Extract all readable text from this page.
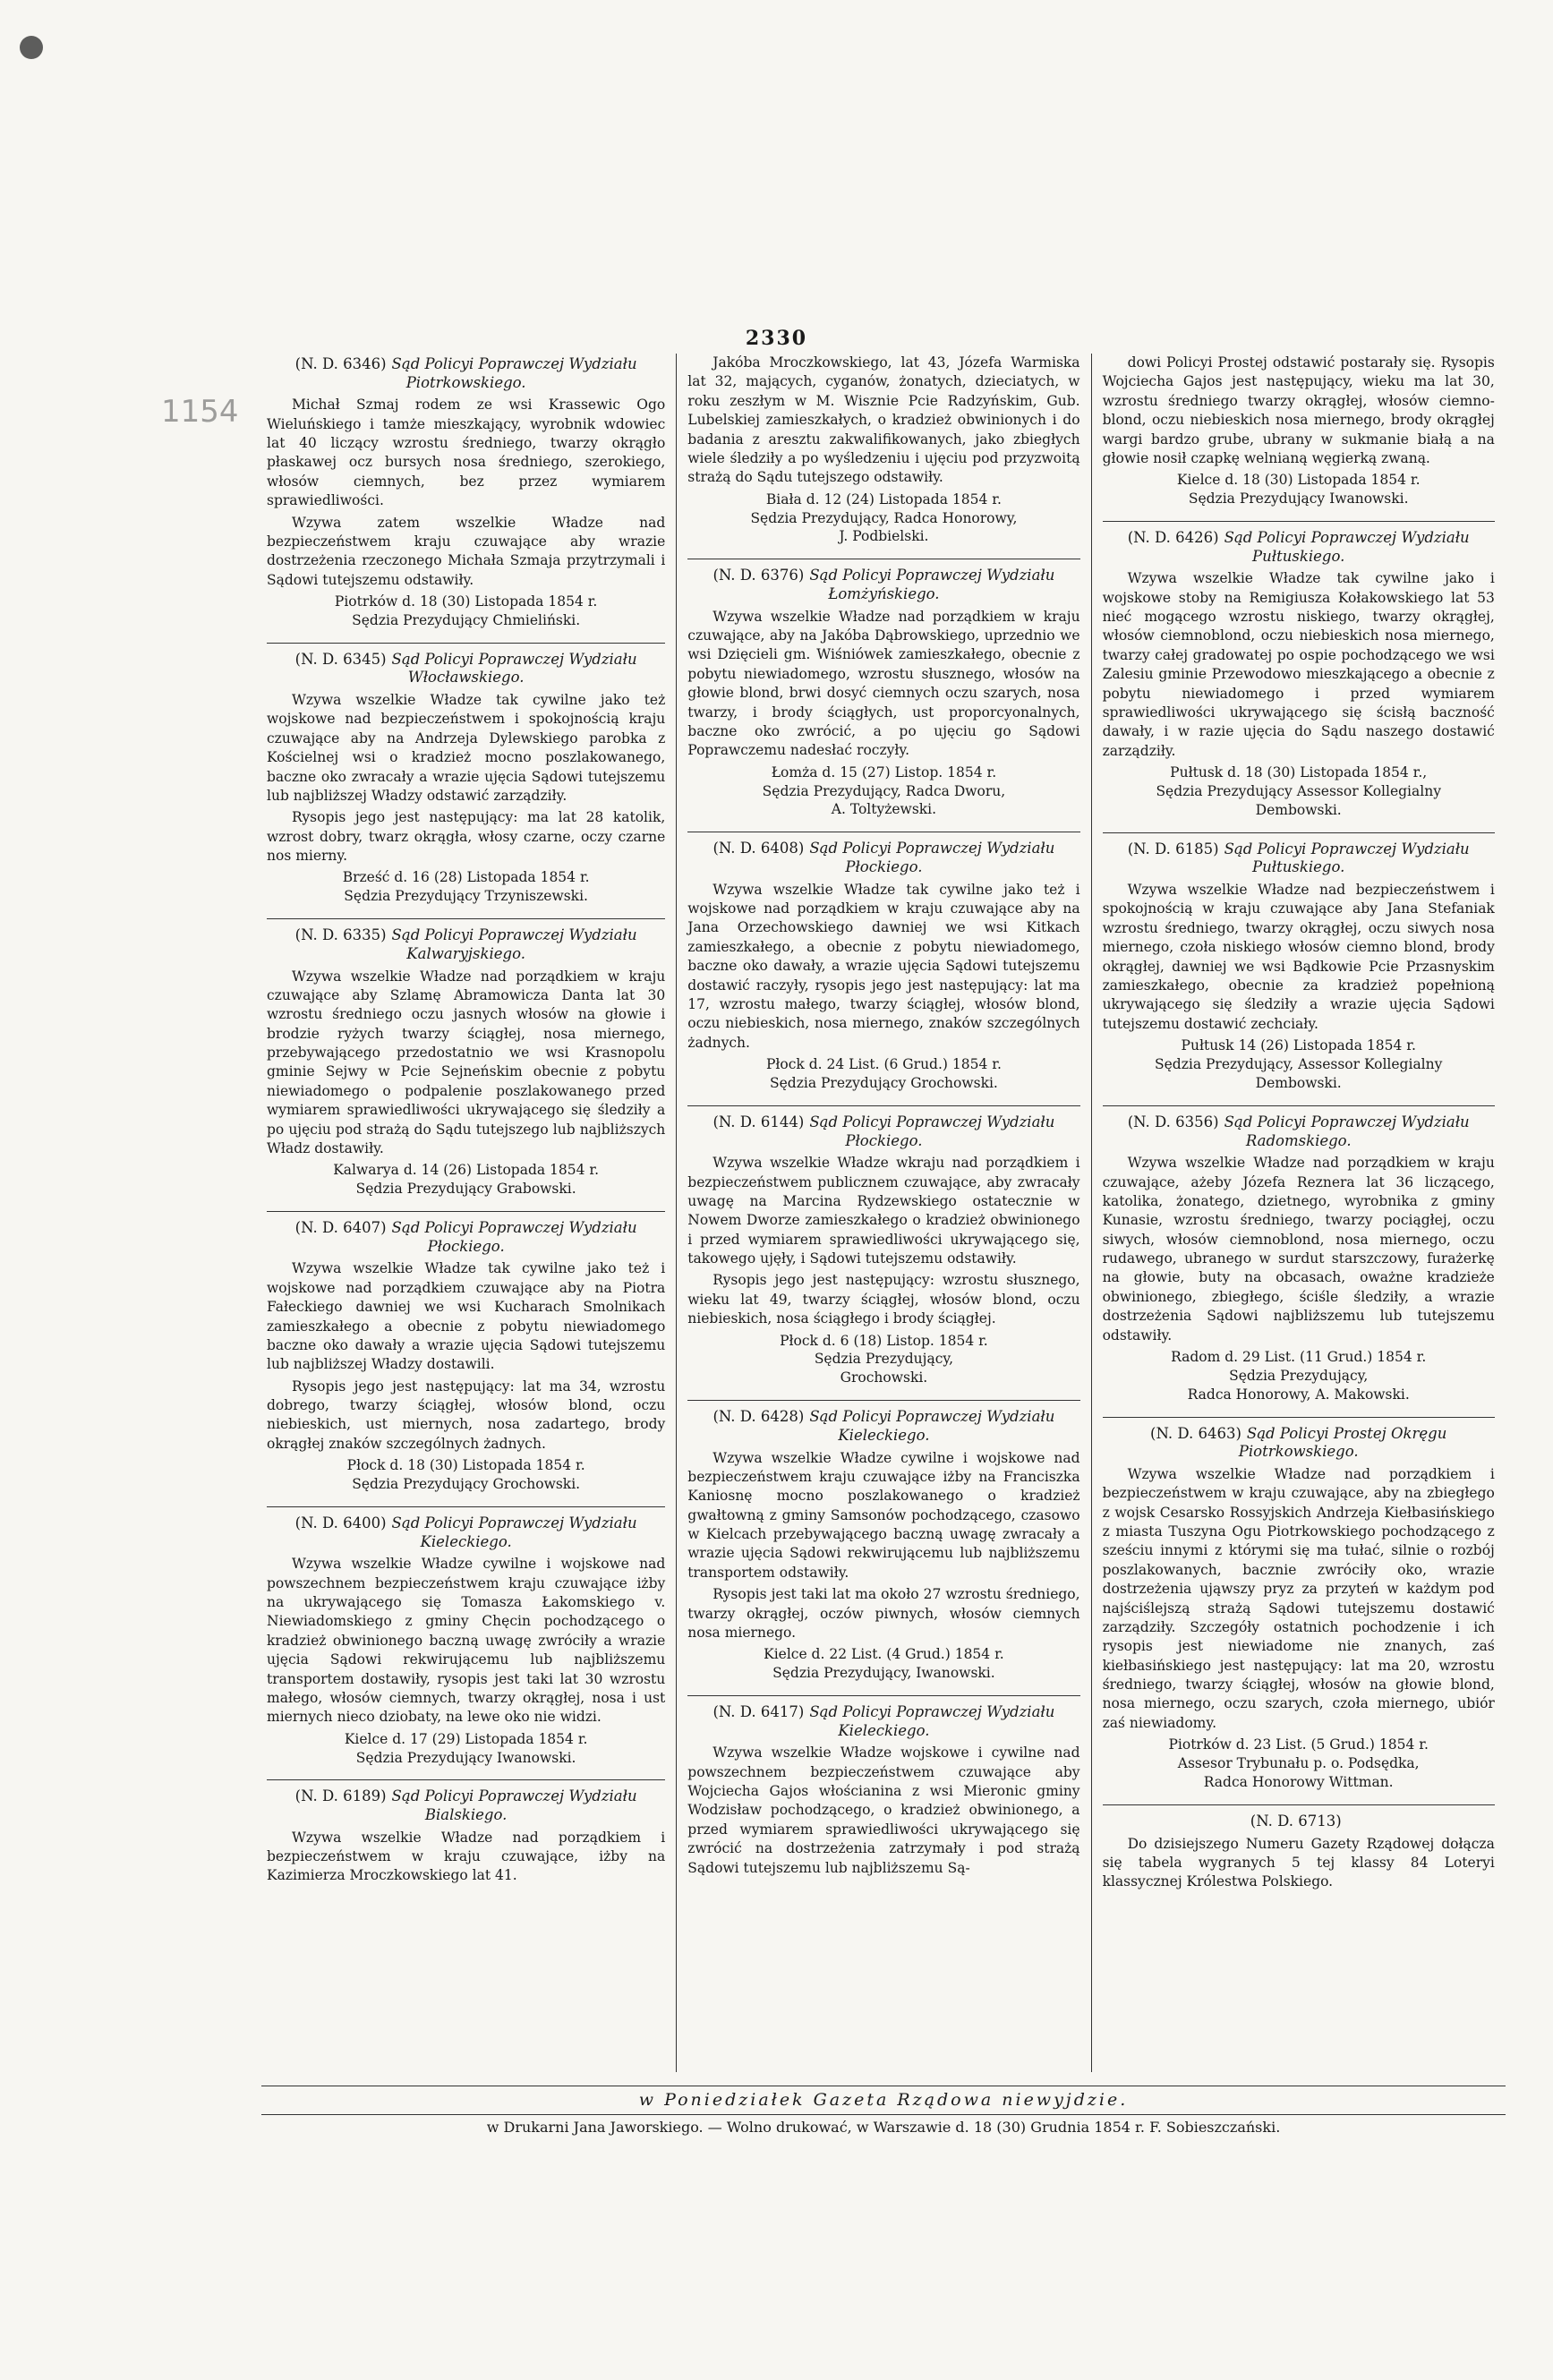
1154
2330
(N. D. 6346) Sąd Policyi Poprawczej Wydziału Piotrkowskiego.

Michał Szmaj rodem ze wsi Krassewic Ogo Wieluńskiego i tamże mieszkający, wyrobnik wdowiec lat 40 liczący wzrostu średniego, twarzy okrągło płaskawej ocz bursych nosa średniego, szerokiego, włosów ciemnych, bez przez wymiarem sprawiedliwości.

Wzywa zatem wszelkie Władze nad bezpieczeństwem kraju czuwające aby wrazie dostrzeżenia rzeczonego Michała Szmaja przytrzymali i Sądowi tutejszemu odstawiły.

Piotrków d. 18 (30) Listopada 1854 r.

Sędzia Prezydujący Chmieliński.

(N. D. 6345) Sąd Policyi Poprawczej Wydziału Włocławskiego.

Wzywa wszelkie Władze tak cywilne jako też wojskowe nad bezpieczeństwem i spokojnością kraju czuwające aby na Andrzeja Dylewskiego parobka z Kościelnej wsi o kradzież mocno poszlakowanego, baczne oko zwracały a wrazie ujęcia Sądowi tutejszemu lub najbliższej Władzy odstawić zarządziły.

Rysopis jego jest następujący: ma lat 28 katolik, wzrost dobry, twarz okrągła, włosy czarne, oczy czarne nos mierny.

Brześć d. 16 (28) Listopada 1854 r.

Sędzia Prezydujący Trzyniszewski.

(N. D. 6335) Sąd Policyi Poprawczej Wydziału Kalwaryjskiego.

Wzywa wszelkie Władze nad porządkiem w kraju czuwające aby Szlamę Abramowicza Danta lat 30 wzrostu średniego oczu jasnych włosów na głowie i brodzie ryżych twarzy ściągłej, nosa miernego, przebywającego przedostatnio we wsi Krasnopolu gminie Sejwy w Pcie Sejneńskim obecnie z pobytu niewiadomego o podpalenie poszlakowanego przed wymiarem sprawiedliwości ukrywającego się śledziły a po ujęciu pod strażą do Sądu tutejszego lub najbliższych Władz dostawiły.

Kalwarya d. 14 (26) Listopada 1854 r.

Sędzia Prezydujący Grabowski.

(N. D. 6407) Sąd Policyi Poprawczej Wydziału Płockiego.

Wzywa wszelkie Władze tak cywilne jako też i wojskowe nad porządkiem czuwające aby na Piotra Fałeckiego dawniej we wsi Kucharach Smolnikach zamieszkałego a obecnie z pobytu niewiadomego baczne oko dawały a wrazie ujęcia Sądowi tutejszemu lub najbliższej Władzy dostawili.

Rysopis jego jest następujący: lat ma 34, wzrostu dobrego, twarzy ściągłej, włosów blond, oczu niebieskich, ust miernych, nosa zadartego, brody okrągłej znaków szczególnych żadnych.

Płock d. 18 (30) Listopada 1854 r.

Sędzia Prezydujący Grochowski.

(N. D. 6400) Sąd Policyi Poprawczej Wydziału Kieleckiego.

Wzywa wszelkie Władze cywilne i wojskowe nad powszechnem bezpieczeństwem kraju czuwające iżby na ukrywającego się Tomasza Łakomskiego v. Niewiadomskiego z gminy Chęcin pochodzącego o kradzież obwinionego baczną uwagę zwróciły a wrazie ujęcia Sądowi rekwirującemu lub najbliższemu transportem dostawiły, rysopis jest taki lat 30 wzrostu małego, włosów ciemnych, twarzy okrągłej, nosa i ust miernych nieco dziobaty, na lewe oko nie widzi.

Kielce d. 17 (29) Listopada 1854 r.

Sędzia Prezydujący Iwanowski.

(N. D. 6189) Sąd Policyi Poprawczej Wydziału Bialskiego.

Wzywa wszelkie Władze nad porządkiem i bezpieczeństwem w kraju czuwające, iżby na Kazimierza Mroczkowskiego lat 41.

Jakóba Mroczkowskiego, lat 43, Józefa Warmiska lat 32, mających, cyganów, żonatych, dzieciatych, w roku zeszłym w M. Wisznie Pcie Radzyńskim, Gub. Lubelskiej zamieszkałych, o kradzież obwinionych i do badania z aresztu zakwalifikowanych, jako zbiegłych wiele śledziły a po wyśledzeniu i ujęciu pod przyzwoitą strażą do Sądu tutejszego odstawiły.

Biała d. 12 (24) Listopada 1854 r.

Sędzia Prezydujący, Radca Honorowy,

J. Podbielski.

(N. D. 6376) Sąd Policyi Poprawczej Wydziału Łomżyńskiego.

Wzywa wszelkie Władze nad porządkiem w kraju czuwające, aby na Jakóba Dąbrowskiego, uprzednio we wsi Dzięcieli gm. Wiśniówek zamieszkałego, obecnie z pobytu niewiadomego, wzrostu słusznego, włosów na głowie blond, brwi dosyć ciemnych oczu szarych, nosa twarzy, i brody ściągłych, ust proporcyonalnych, baczne oko zwrócić, a po ujęciu go Sądowi Poprawczemu nadesłać roczyły.

Łomża d. 15 (27) Listop. 1854 r.

Sędzia Prezydujący, Radca Dworu,

A. Toltyżewski.

(N. D. 6408) Sąd Policyi Poprawczej Wydziału Płockiego.

Wzywa wszelkie Władze tak cywilne jako też i wojskowe nad porządkiem w kraju czuwające aby na Jana Orzechowskiego dawniej we wsi Kitkach zamieszkałego, a obecnie z pobytu niewiadomego, baczne oko dawały, a wrazie ujęcia Sądowi tutejszemu dostawić raczyły, rysopis jego jest następujący: lat ma 17, wzrostu małego, twarzy ściągłej, włosów blond, oczu niebieskich, nosa miernego, znaków szczególnych żadnych.

Płock d. 24 List. (6 Grud.) 1854 r.

Sędzia Prezydujący Grochowski.

(N. D. 6144) Sąd Policyi Poprawczej Wydziału Płockiego.

Wzywa wszelkie Władze wkraju nad porządkiem i bezpieczeństwem publicznem czuwające, aby zwracały uwagę na Marcina Rydzewskiego ostatecznie w Nowem Dworze zamieszkałego o kradzież obwinionego i przed wymiarem sprawiedliwości ukrywającego się, takowego ujęły, i Sądowi tutejszemu odstawiły.

Rysopis jego jest następujący: wzrostu słusznego, wieku lat 49, twarzy ściągłej, włosów blond, oczu niebieskich, nosa ściągłego i brody ściągłej.

Płock d. 6 (18) Listop. 1854 r.

Sędzia Prezydujący,

Grochowski.

(N. D. 6428) Sąd Policyi Poprawczej Wydziału Kieleckiego.

Wzywa wszelkie Władze cywilne i wojskowe nad bezpieczeństwem kraju czuwające iżby na Franciszka Kaniosnę mocno poszlakowanego o kradzież gwałtowną z gminy Samsonów pochodzącego, czasowo w Kielcach przebywającego baczną uwagę zwracały a wrazie ujęcia Sądowi rekwirującemu lub najbliższemu transportem odstawiły.

Rysopis jest taki lat ma około 27 wzrostu średniego, twarzy okrągłej, oczów piwnych, włosów ciemnych nosa miernego.

Kielce d. 22 List. (4 Grud.) 1854 r.

Sędzia Prezydujący, Iwanowski.

(N. D. 6417) Sąd Policyi Poprawczej Wydziału Kieleckiego.

Wzywa wszelkie Władze wojskowe i cywilne nad powszechnem bezpieczeństwem czuwające aby Wojciecha Gajos włościanina z wsi Mieronic gminy Wodzisław pochodzącego, o kradzież obwinionego, a przed wymiarem sprawiedliwości ukrywającego się zwrócić na dostrzeżenia zatrzymały i pod strażą Sądowi tutejszemu lub najbliższemu Są-

dowi Policyi Prostej odstawić postarały się. Rysopis Wojciecha Gajos jest następujący, wieku ma lat 30, wzrostu średniego twarzy okrągłej, włosów ciemno-blond, oczu niebieskich nosa miernego, brody okrągłej wargi bardzo grube, ubrany w sukmanie białą a na głowie nosił czapkę welnianą węgierką zwaną.

Kielce d. 18 (30) Listopada 1854 r.

Sędzia Prezydujący Iwanowski.

(N. D. 6426) Sąd Policyi Poprawczej Wydziału Pułtuskiego.

Wzywa wszelkie Władze tak cywilne jako i wojskowe stoby na Remigiusza Kołakowskiego lat 53 nieć mogącego wzrostu niskiego, twarzy okrągłej, włosów ciemnoblond, oczu niebieskich nosa miernego, twarzy całej gradowatej po ospie pochodzącego we wsi Zalesiu gminie Przewodowo mieszkającego a obecnie z pobytu niewiadomego i przed wymiarem sprawiedliwości ukrywającego się ścisłą baczność dawały, i w razie ujęcia do Sądu naszego dostawić zarządziły.

Pułtusk d. 18 (30) Listopada 1854 r.,

Sędzia Prezydujący Assessor Kollegialny

Dembowski.

(N. D. 6185) Sąd Policyi Poprawczej Wydziału Pułtuskiego.

Wzywa wszelkie Władze nad bezpieczeństwem i spokojnością w kraju czuwające aby Jana Stefaniak wzrostu średniego, twarzy okrągłej, oczu siwych nosa miernego, czoła niskiego włosów ciemno blond, brody okrągłej, dawniej we wsi Bądkowie Pcie Przasnyskim zamieszkałego, obecnie za kradzież popełnioną ukrywającego się śledziły a wrazie ujęcia Sądowi tutejszemu dostawić zechciały.

Pułtusk 14 (26) Listopada 1854 r.

Sędzia Prezydujący, Assessor Kollegialny

Dembowski.

(N. D. 6356) Sąd Policyi Poprawczej Wydziału Radomskiego.

Wzywa wszelkie Władze nad porządkiem w kraju czuwające, ażeby Józefa Reznera lat 36 liczącego, katolika, żonatego, dzietnego, wyrobnika z gminy Kunasie, wzrostu średniego, twarzy pociągłej, oczu siwych, włosów ciemnoblond, nosa miernego, oczu rudawego, ubranego w surdut starszczowy, furażerkę na głowie, buty na obcasach, oważne kradzieże obwinionego, zbiegłego, ściśle śledziły, a wrazie dostrzeżenia Sądowi najbliższemu lub tutejszemu odstawiły.

Radom d. 29 List. (11 Grud.) 1854 r.

Sędzia Prezydujący,

Radca Honorowy, A. Makowski.

(N. D. 6463) Sąd Policyi Prostej Okręgu Piotrkowskiego.

Wzywa wszelkie Władze nad porządkiem i bezpieczeństwem w kraju czuwające, aby na zbiegłego z wojsk Cesarsko Rossyjskich Andrzeja Kiełbasińskiego z miasta Tuszyna Ogu Piotrkowskiego pochodzącego z sześciu innymi z którymi się ma tułać, silnie o rozbój poszlakowanych, bacznie zwróciły oko, wrazie dostrzeżenia ująwszy pryz za przyteń w każdym pod najściślejszą strażą Sądowi tutejszemu dostawić zarządziły. Szczegóły ostatnich pochodzenie i ich rysopis jest niewiadome nie znanych, zaś kiełbasińskiego jest następujący: lat ma 20, wzrostu średniego, twarzy ściągłej, włosów na głowie blond, nosa miernego, oczu szarych, czoła miernego, ubiór zaś niewiadomy.

Piotrków d. 23 List. (5 Grud.) 1854 r.

Assesor Trybunału p. o. Podsędka,

Radca Honorowy Wittman.

(N. D. 6713)

Do dzisiejszego Numeru Gazety Rządowej dołącza się tabela wygranych 5 tej klassy 84 Loteryi klassycznej Królestwa Polskiego.

w Poniedziałek Gazeta Rządowa niewyjdzie.
w Drukarni Jana Jaworskiego. — Wolno drukować, w Warszawie d. 18 (30) Grudnia 1854 r. F. Sobieszczański.
